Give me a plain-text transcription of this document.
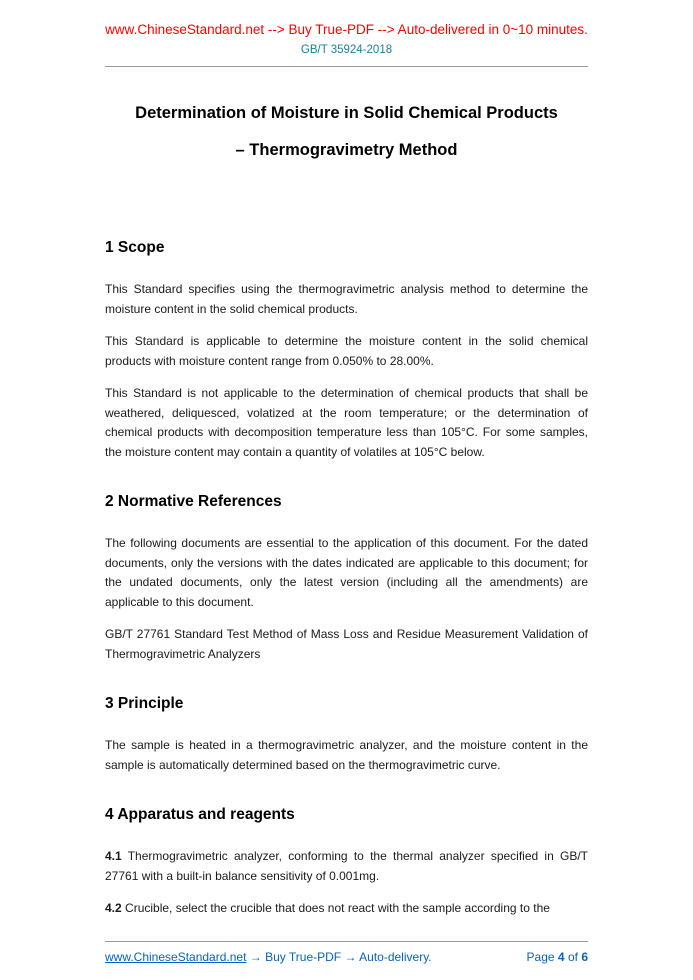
www.ChineseStandard.net --> Buy True-PDF --> Auto-delivered in 0~10 minutes.
GB/T 35924-2018
Determination of Moisture in Solid Chemical Products
– Thermogravimetry Method
1 Scope

This Standard specifies using the thermogravimetric analysis method to determine the moisture content in the solid chemical products.

This Standard is applicable to determine the moisture content in the solid chemical products with moisture content range from 0.050% to 28.00%.

This Standard is not applicable to the determination of chemical products that shall be weathered, deliquesced, volatized at the room temperature; or the determination of chemical products with decomposition temperature less than 105°C. For some samples, the moisture content may contain a quantity of volatiles at 105°C below.

2 Normative References

The following documents are essential to the application of this document. For the dated documents, only the versions with the dates indicated are applicable to this document; for the undated documents, only the latest version (including all the amendments) are applicable to this document.

GB/T 27761 Standard Test Method of Mass Loss and Residue Measurement Validation of Thermogravimetric Analyzers

3 Principle

The sample is heated in a thermogravimetric analyzer, and the moisture content in the sample is automatically determined based on the thermogravimetric curve.

4 Apparatus and reagents

4.1 Thermogravimetric analyzer, conforming to the thermal analyzer specified in GB/T 27761 with a built-in balance sensitivity of 0.001mg.

4.2 Crucible, select the crucible that does not react with the sample according to the

www.ChineseStandard.net → Buy True-PDF → Auto-delivery.	Page 4 of 6
